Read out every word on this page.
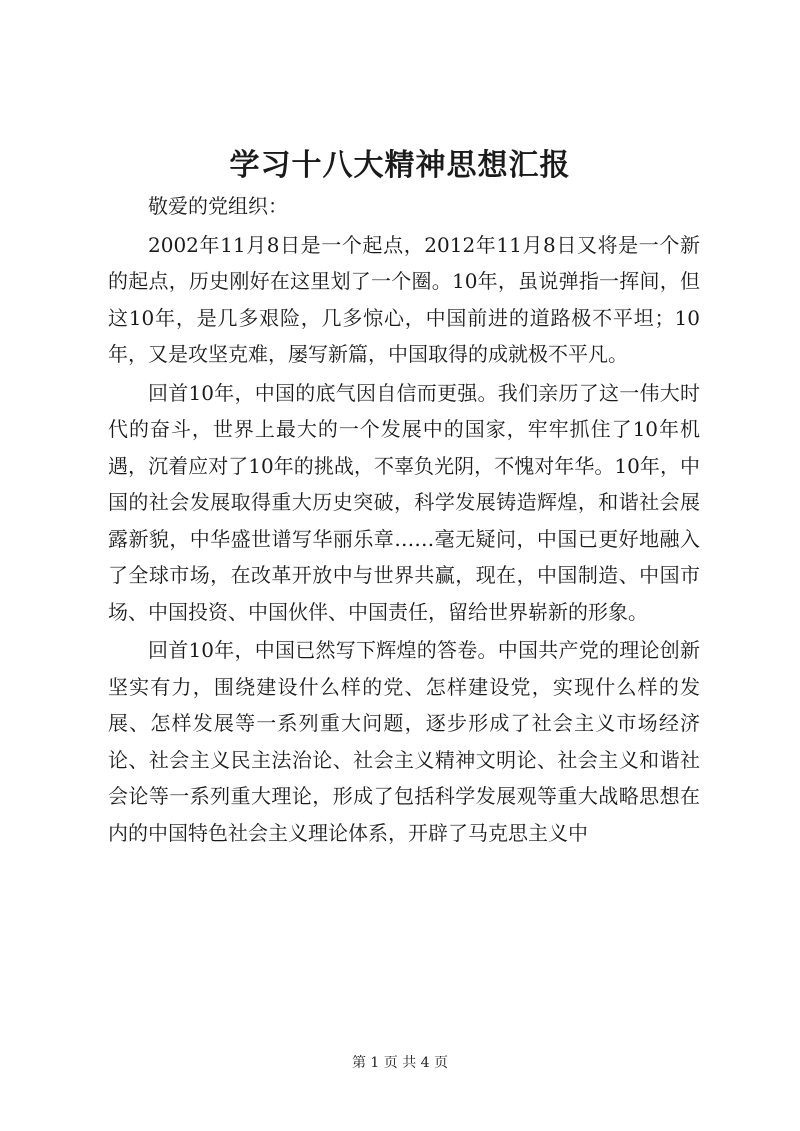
学习十八大精神思想汇报

敬爱的党组织：

2002年11月8日是一个起点，2012年11月8日又将是一个新的起点，历史刚好在这里划了一个圈。10年，虽说弹指一挥间，但这10年，是几多艰险，几多惊心，中国前进的道路极不平坦；10年，又是攻坚克难，屡写新篇，中国取得的成就极不平凡。

回首10年，中国的底气因自信而更强。我们亲历了这一伟大时代的奋斗，世界上最大的一个发展中的国家，牢牢抓住了10年机遇，沉着应对了10年的挑战，不辜负光阴，不愧对年华。10年，中国的社会发展取得重大历史突破，科学发展铸造辉煌，和谐社会展露新貌，中华盛世谱写华丽乐章……毫无疑问，中国已更好地融入了全球市场，在改革开放中与世界共赢，现在，中国制造、中国市场、中国投资、中国伙伴、中国责任，留给世界崭新的形象。

回首10年，中国已然写下辉煌的答卷。中国共产党的理论创新坚实有力，围绕建设什么样的党、怎样建设党，实现什么样的发展、怎样发展等一系列重大问题，逐步形成了社会主义市场经济论、社会主义民主法治论、社会主义精神文明论、社会主义和谐社会论等一系列重大理论，形成了包括科学发展观等重大战略思想在内的中国特色社会主义理论体系，开辟了马克思主义中

第 1 页 共 4 页
